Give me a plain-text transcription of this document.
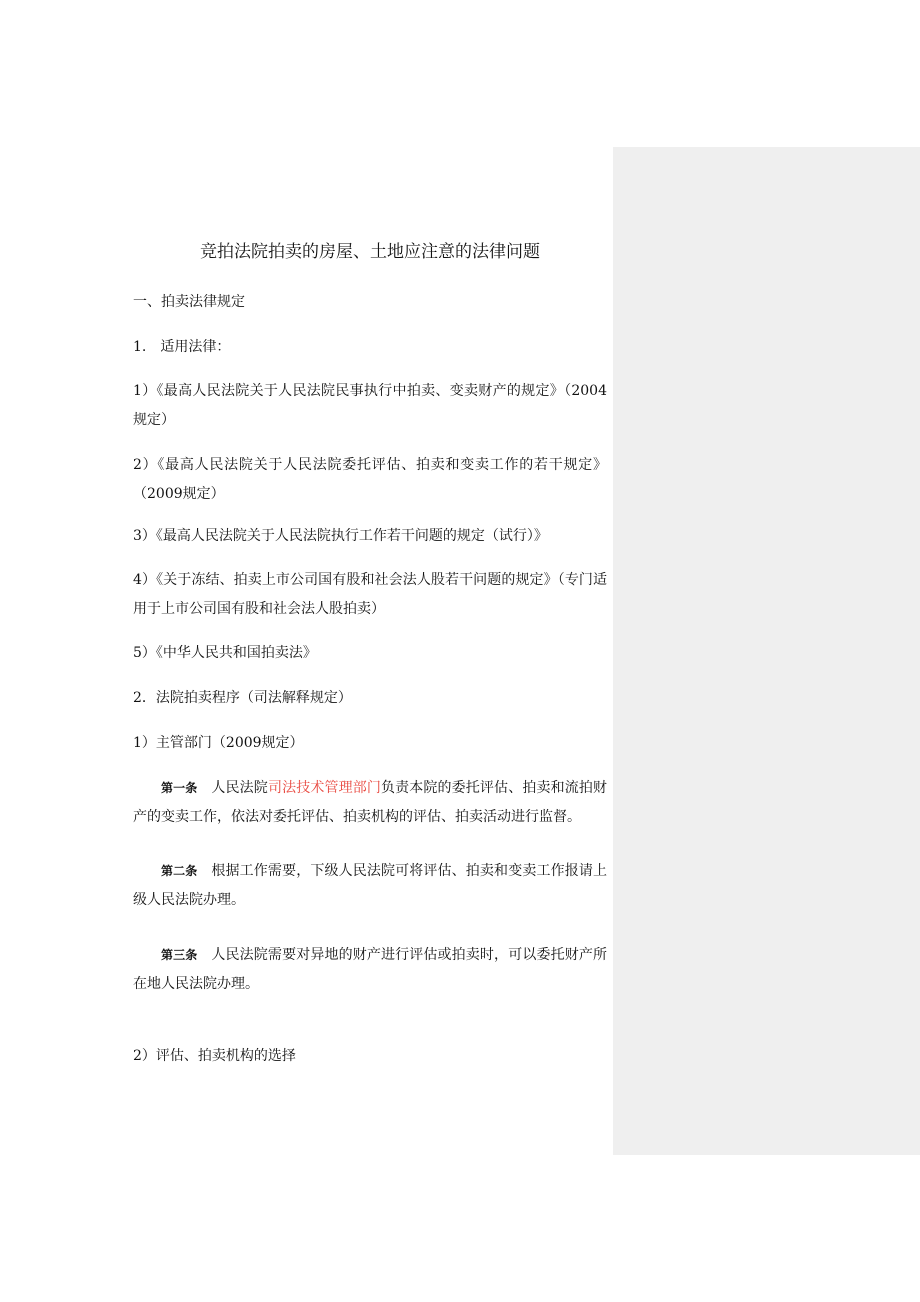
竞拍法院拍卖的房屋、土地应注意的法律问题
一、拍卖法律规定
1.　适用法律：
1）《最高人民法院关于人民法院民事执行中拍卖、变卖财产的规定》（2004规定）
2）《最高人民法院关于人民法院委托评估、拍卖和变卖工作的若干规定》（2009规定）
3）《最高人民法院关于人民法院执行工作若干问题的规定（试行）》
4）《关于冻结、拍卖上市公司国有股和社会法人股若干问题的规定》（专门适用于上市公司国有股和社会法人股拍卖）
5）《中华人民共和国拍卖法》
2．法院拍卖程序（司法解释规定）
1）主管部门（2009规定）
第一条 人民法院司法技术管理部门负责本院的委托评估、拍卖和流拍财产的变卖工作，依法对委托评估、拍卖机构的评估、拍卖活动进行监督。
第二条 根据工作需要，下级人民法院可将评估、拍卖和变卖工作报请上级人民法院办理。
第三条 人民法院需要对异地的财产进行评估或拍卖时，可以委托财产所在地人民法院办理。
2）评估、拍卖机构的选择
